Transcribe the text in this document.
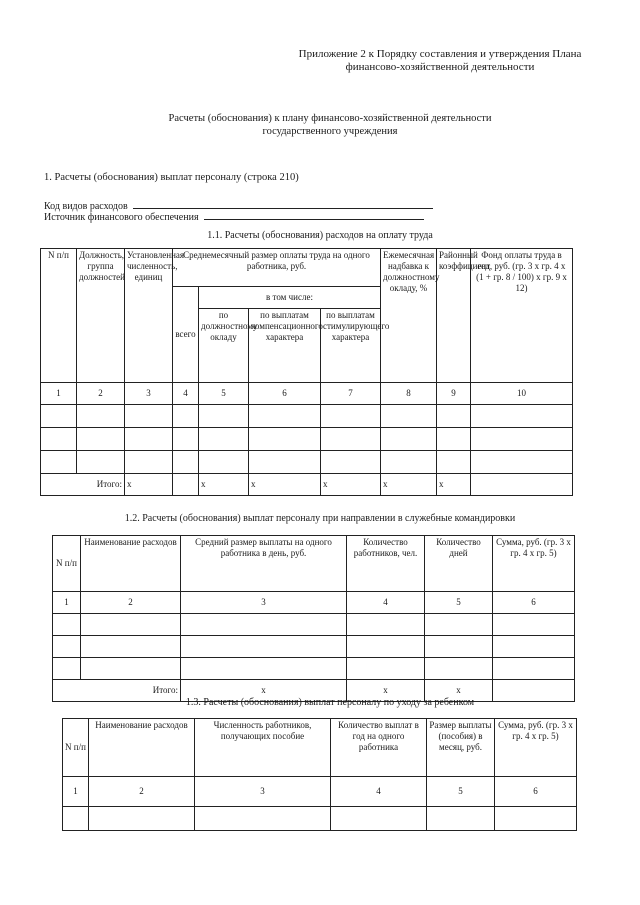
Приложение 2 к Порядку составления и утверждения Плана
финансово-хозяйственной деятельности
Расчеты (обоснования) к плану финансово-хозяйственной деятельности
государственного учреждения
1. Расчеты (обоснования) выплат персоналу (строка 210)
Код видов расходов
Источник финансового обеспечения
1.1. Расчеты (обоснования) расходов на оплату труда
N п/п	Должность, группа должностей	Установленная численность, единиц	Среднемесячный размер оплаты труда на одного работника, руб.				Ежемесячная надбавка к должностному окладу, %	Районный коэффициент	Фонд оплаты труда в год, руб. (гр. 3 х гр. 4 х (1 + гр. 8 / 100) х гр. 9 х 12)
			всего	в том числе:					
				по должностному окладу	по выплатам компенсационного характера	по выплатам стимулирующего характера			
1	2	3	4	5	6	7	8	9	10

Итого:		х		х	х	х	х	х	
1.2. Расчеты (обоснования) выплат персоналу при направлении в служебные командировки
N п/п	Наименование расходов	Средний размер выплаты на одного работника в день, руб.	Количество работников, чел.	Количество дней	Сумма, руб. (гр. 3 х гр. 4 х гр. 5)
1	2	3	4	5	6

Итого:		х	х	х	
1.3. Расчеты (обоснования) выплат персоналу по уходу за ребенком
N п/п	Наименование расходов	Численность работников, получающих пособие	Количество выплат в год на одного работника	Размер выплаты (пособия) в месяц, руб.	Сумма, руб. (гр. 3 х гр. 4 х гр. 5)
1	2	3	4	5	6
